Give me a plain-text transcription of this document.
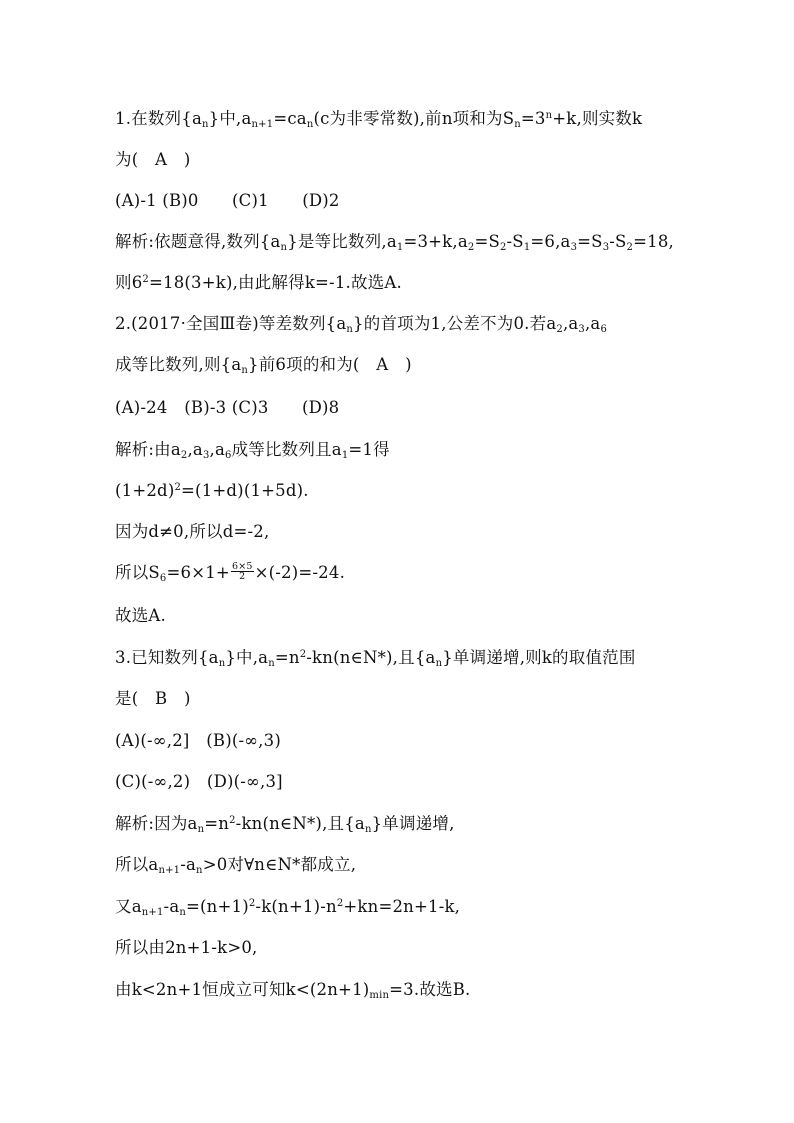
1.在数列$\{a_n\}$中$,a_{n+1}=ca_n(c$为非零常数),前n项和为$S_n=3^n+k$,则实数k
为(　A　)
(A)-1 (B)0　　(C)1　　(D)2
解析:依题意得,数列$\{a_n\}$是等比数列$,a_1=3+k,a_2=S_2-S_1=6,a_3=S_3-S_2=18$,
则$6^2=18(3+k)$,由此解得k=-1.故选A.
2.(2017·全国Ⅲ卷)等差数列$\{a_n\}$的首项为1,公差不为0.若$a_2,a_3,a_6$
成等比数列,则$\{a_n\}$前6项的和为(　A　)
(A)-24　(B)-3 (C)3　　(D)8
解析:由$a_2,a_3,a_6$成等比数列且$a_1=1$得
$(1+2d)^2=(1+d)(1+5d)$.
因为d≠0,所以d=-2,
所以$S_6=6\times 1+ \frac{6\times 5}{2} \times(-2)=-24$.
故选A.
3.已知数列$\{a_n\}$中$,a_n=n^2-kn(n\in N*)$,且$\{a_n\}$单调递增,则k的取值范围
是(　B　)
(A)(-∞,2]　(B)(-∞,3)
(C)(-∞,2)　(D)(-∞,3]
解析:因为$a_n=n^2-kn(n\in N*)$,且$\{a_n\}$单调递增,
所以$a_{n+1}-a_n>0$对∀n∈N*都成立,
又$a_{n+1}-a_n=(n+1)^2-k(n+1)-n^2+kn=2n+1-k$,
所以由2n+1-k>0,
由k<2n+1恒成立可知$k<(2n+1)_{min}=3$.故选B.
